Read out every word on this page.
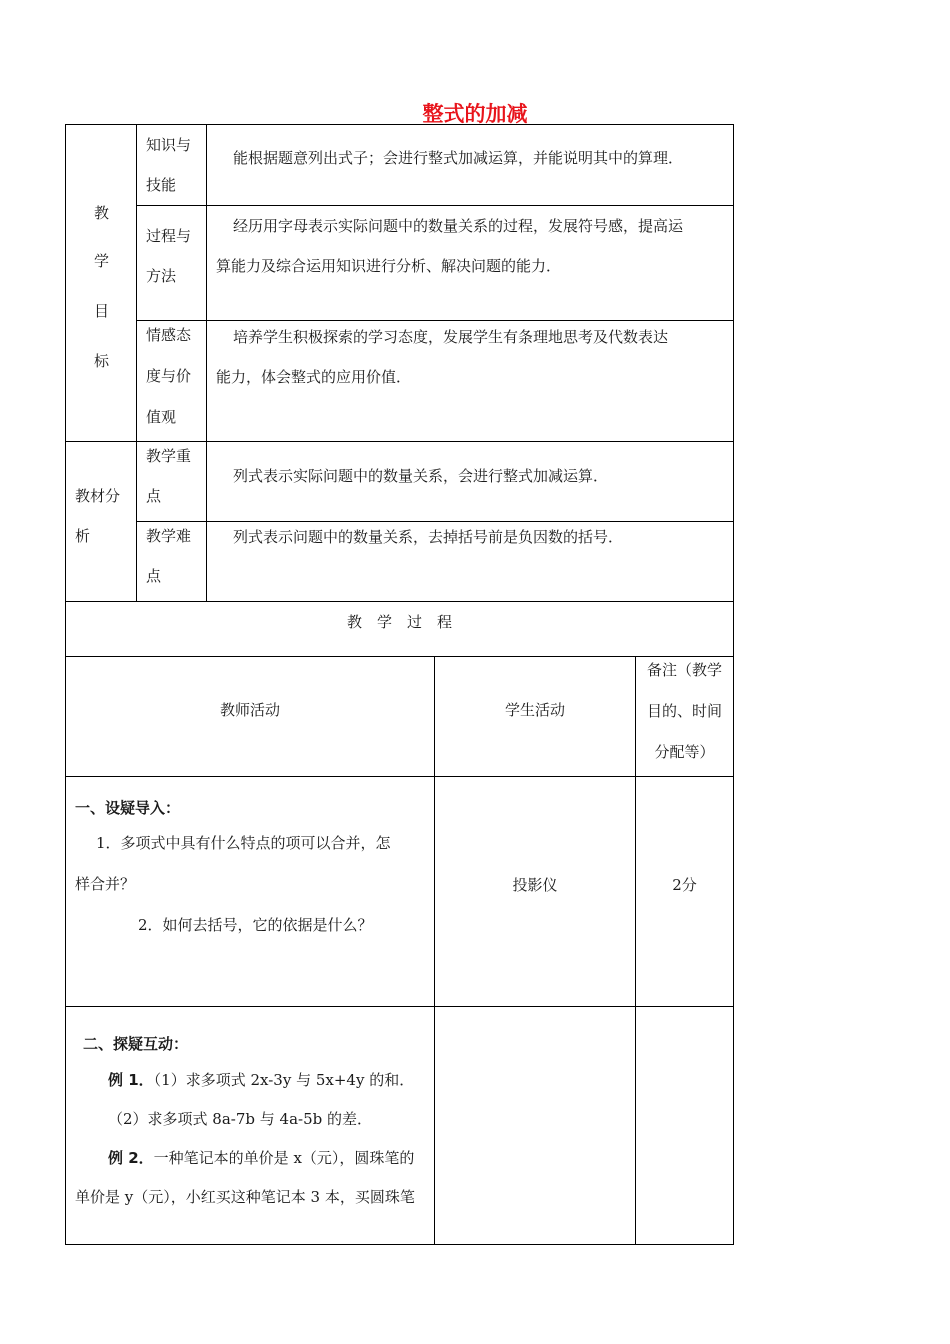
整式的加减
教
学
目
标
知识与
技能
能根据题意列出式子；会进行整式加减运算，并能说明其中的算理．
过程与
方法
经历用字母表示实际问题中的数量关系的过程，发展符号感，提高运
算能力及综合运用知识进行分析、解决问题的能力．
情感态
度与价
值观
培养学生积极探索的学习态度，发展学生有条理地思考及代数表达
能力，体会整式的应用价值．
教材分
析
教学重
点
列式表示实际问题中的数量关系，会进行整式加减运算．
教学难
点
列式表示问题中的数量关系，去掉括号前是负因数的括号．
教　学　过　程
教师活动	学生活动
备注（教学
目的、时间
分配等）
一、设疑导入：
1．多项式中具有什么特点的项可以合并，怎
样合并？
2．如何去括号，它的依据是什么？
投影仪	2分
二、探疑互动：
例 1．（1）求多项式 2x-3y 与 5x+4y 的和．
（2）求多项式 8a-7b 与 4a-5b 的差．
例 2．一种笔记本的单价是 x（元），圆珠笔的
单价是 y（元），小红买这种笔记本 3 本，买圆珠笔
